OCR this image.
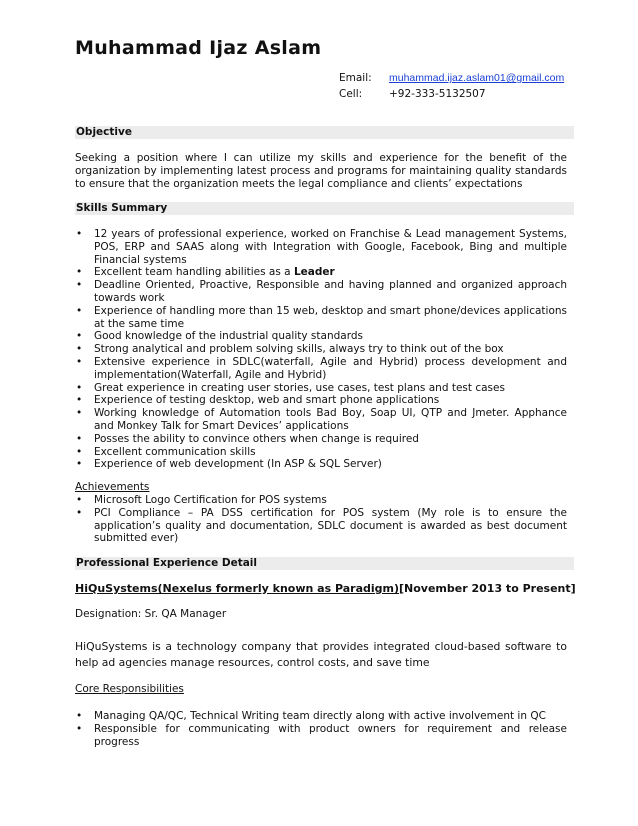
Muhammad Ijaz Aslam
Email:	muhammad.ijaz.aslam01@gmail.com
Cell:	+92-333-5132507
Objective
Seeking a position where I can utilize my skills and experience for the benefit of the organization by implementing latest process and programs for maintaining quality standards to ensure that the organization meets the legal compliance and clients’ expectations
Skills Summary
• 12 years of professional experience, worked on Franchise & Lead management Systems, POS, ERP and SAAS along with Integration with Google, Facebook, Bing and multiple Financial systems
• Excellent team handling abilities as a Leader
• Deadline Oriented, Proactive, Responsible and having planned and organized approach towards work
• Experience of handling more than 15 web, desktop and smart phone/devices applications at the same time
• Good knowledge of the industrial quality standards
• Strong analytical and problem solving skills, always try to think out of the box
• Extensive experience in SDLC(waterfall, Agile and Hybrid) process development and implementation(Waterfall, Agile and Hybrid)
• Great experience in creating user stories, use cases, test plans and test cases
• Experience of testing desktop, web and smart phone applications
• Working knowledge of Automation tools Bad Boy, Soap UI, QTP and Jmeter. Apphance and Monkey Talk for Smart Devices’ applications
• Posses the ability to convince others when change is required
• Excellent communication skills
• Experience of web development (In ASP & SQL Server)
Achievements
• Microsoft Logo Certification for POS systems
• PCI Compliance – PA DSS certification for POS system (My role is to ensure the application’s quality and documentation, SDLC document is awarded as best document submitted ever)
Professional Experience Detail
HiQuSystems(Nexelus formerly known as Paradigm)[November 2013 to Present]
Designation: Sr. QA Manager
HiQuSystems is a technology company that provides integrated cloud-based software to help ad agencies manage resources, control costs, and save time
Core Responsibilities
• Managing QA/QC, Technical Writing team directly along with active involvement in QC
• Responsible for communicating with product owners for requirement and release progress
